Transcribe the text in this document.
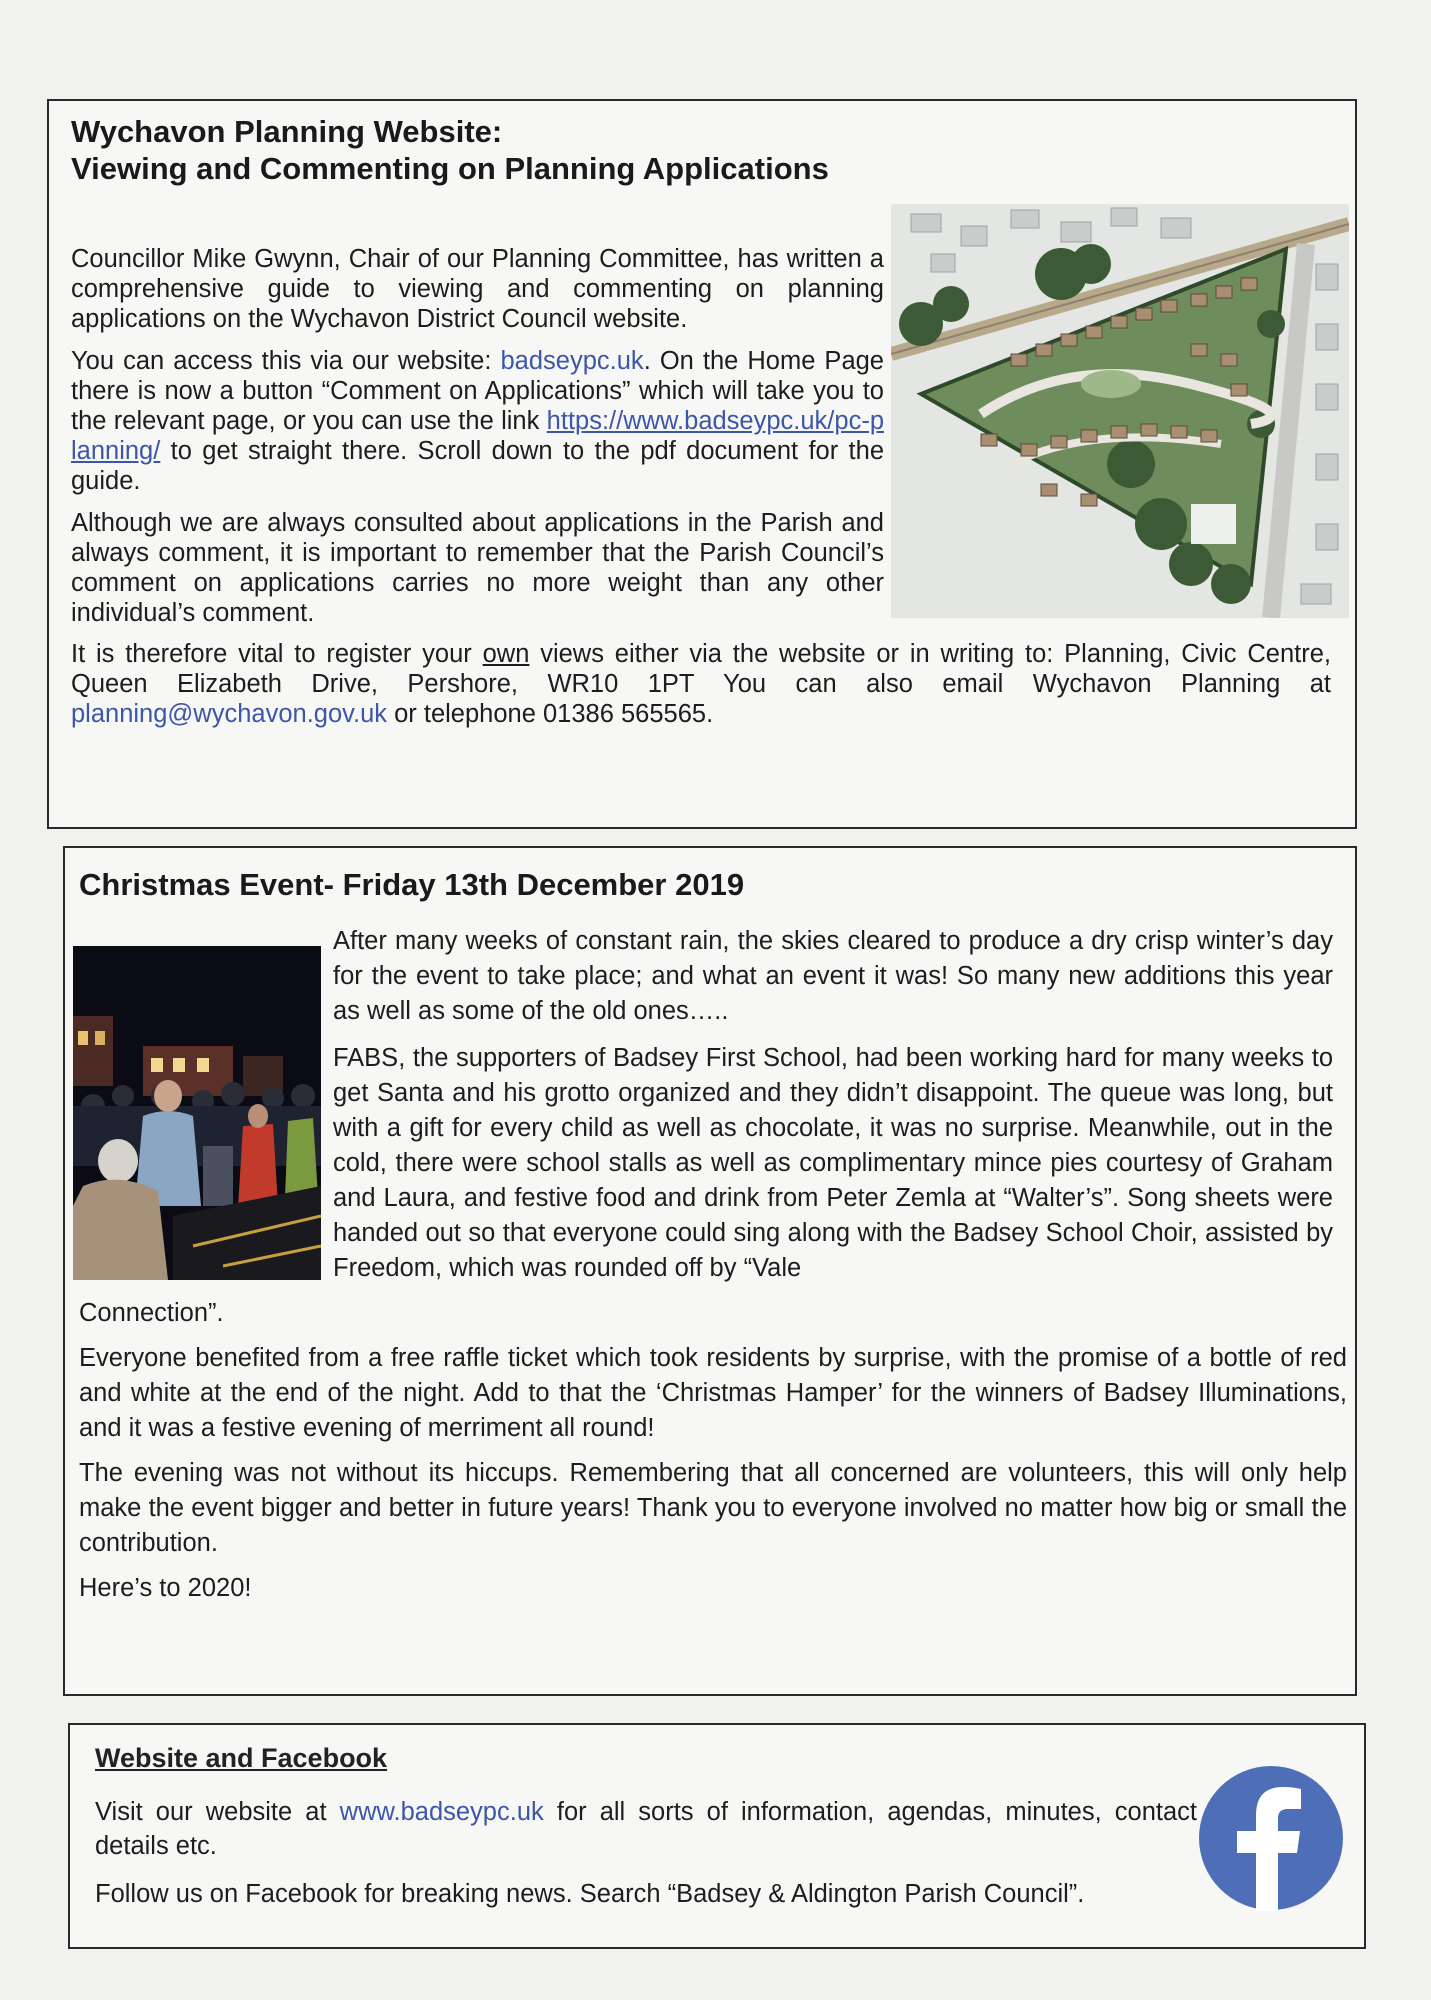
Wychavon Planning Website:

Viewing and Commenting on Planning Applications

Councillor Mike Gwynn, Chair of our Planning Committee, has written a comprehensive guide to viewing and commenting on planning applications on the Wychavon District Council website.

You can access this via our website: badseypc.uk. On the Home Page there is now a button “Comment on Applications” which will take you to the relevant page, or you can use the link https://www.badseypc.uk/pc-planning/ to get straight there. Scroll down to the pdf document for the guide.

Although we are always consulted about applications in the Parish and always comment, it is important to remember that the Parish Council’s comment on applications carries no more weight than any other individual’s comment.

It is therefore vital to register your own views either via the website or in writing to: Planning, Civic Centre, Queen Elizabeth Drive, Pershore, WR10 1PT You can also email Wychavon Planning at planning@wychavon.gov.uk or telephone 01386 565565.

Christmas Event- Friday 13th December 2019

After many weeks of constant rain, the skies cleared to produce a dry crisp winter’s day for the event to take place; and what an event it was! So many new additions this year as well as some of the old ones…..

FABS, the supporters of Badsey First School, had been working hard for many weeks to get Santa and his grotto organized and they didn’t disappoint. The queue was long, but with a gift for every child as well as chocolate, it was no surprise. Meanwhile, out in the cold, there were school stalls as well as complimentary mince pies courtesy of Graham and Laura, and festive food and drink from Peter Zemla at “Walter’s”. Song sheets were handed out so that everyone could sing along with the Badsey School Choir, assisted by Freedom, which was rounded off by “Vale

Connection”.

Everyone benefited from a free raffle ticket which took residents by surprise, with the promise of a bottle of red and white at the end of the night. Add to that the ‘Christmas Hamper’ for the winners of Badsey Illuminations, and it was a festive evening of merriment all round!

The evening was not without its hiccups. Remembering that all concerned are volunteers, this will only help make the event bigger and better in future years! Thank you to everyone involved no matter how big or small the contribution.

Here’s to 2020!

Website and Facebook

Visit our website at www.badseypc.uk for all sorts of information, agendas, minutes, contact details etc.

Follow us on Facebook for breaking news. Search “Badsey & Aldington Parish Council”.
